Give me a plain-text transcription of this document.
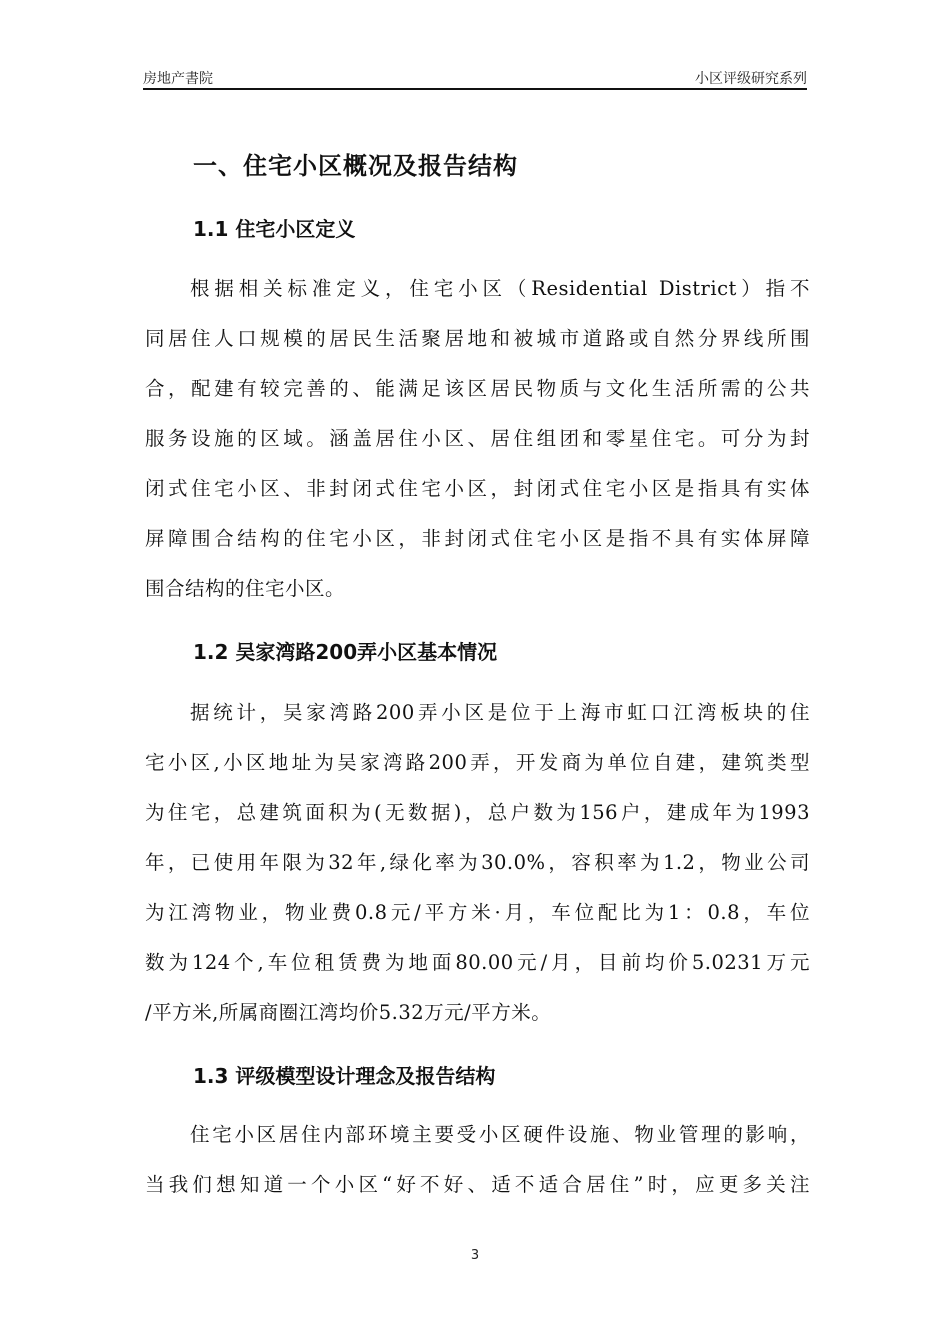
房地产書院	小区评级研究系列
一、住宅小区概况及报告结构
1.1 住宅小区定义
根据相关标准定义，住宅小区（Residential District）指不
同居住人口规模的居民生活聚居地和被城市道路或自然分界线所围
合，配建有较完善的、能满足该区居民物质与文化生活所需的公共
服务设施的区域。涵盖居住小区、居住组团和零星住宅。可分为封
闭式住宅小区、非封闭式住宅小区，封闭式住宅小区是指具有实体
屏障围合结构的住宅小区，非封闭式住宅小区是指不具有实体屏障
围合结构的住宅小区。
1.2 吴家湾路200弄小区基本情况
据统计，吴家湾路200弄小区是位于上海市虹口江湾板块的住
宅小区,小区地址为吴家湾路200弄，开发商为单位自建，建筑类型
为住宅，总建筑面积为(无数据)，总户数为156户，建成年为1993
年，已使用年限为32年,绿化率为30.0%，容积率为1.2，物业公司
为江湾物业，物业费0.8元/平方米·月，车位配比为1：0.8，车位
数为124个,车位租赁费为地面80.00元/月，目前均价5.0231万元
/平方米,所属商圈江湾均价5.32万元/平方米。
1.3 评级模型设计理念及报告结构
住宅小区居住内部环境主要受小区硬件设施、物业管理的影响，
当我们想知道一个小区“好不好、适不适合居住”时，应更多关注
3
